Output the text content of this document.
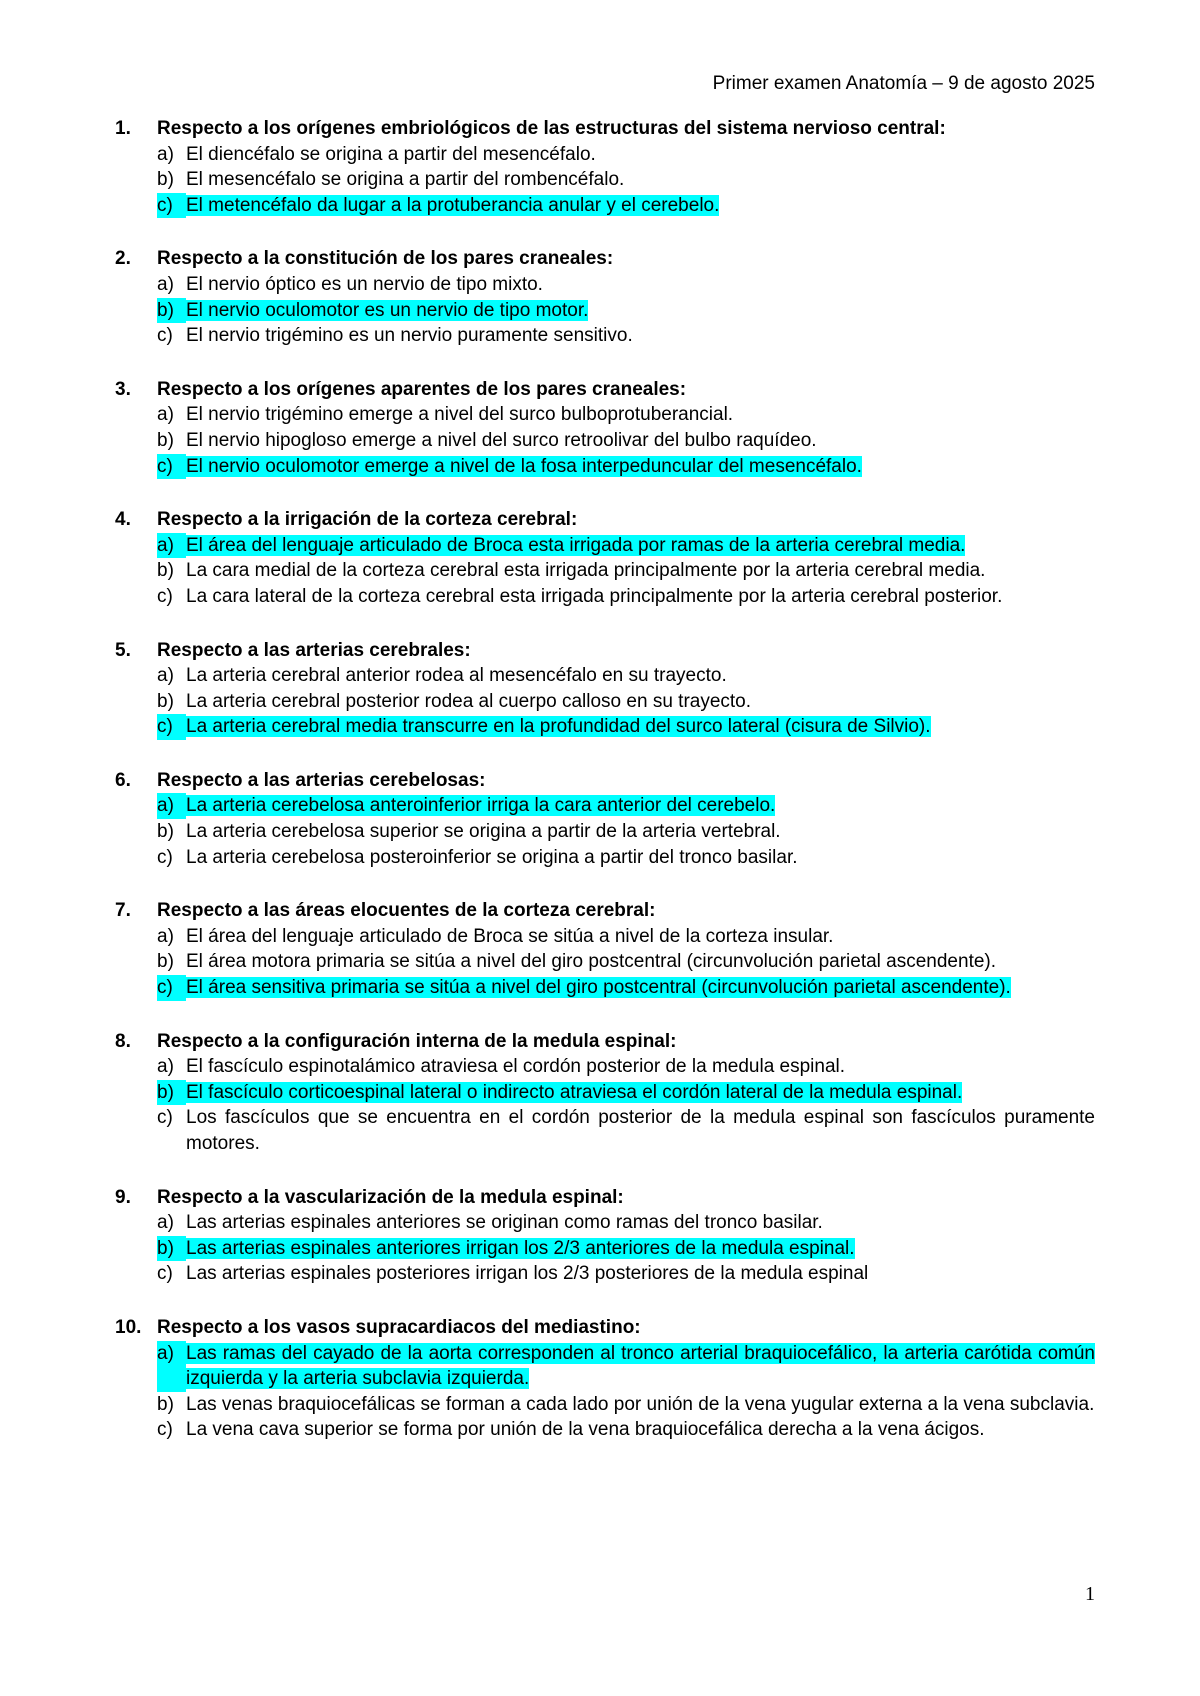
Primer examen Anatomía – 9 de agosto 2025
1.	Respecto a los orígenes embriológicos de las estructuras del sistema nervioso central:
a) El diencéfalo se origina a partir del mesencéfalo.
b) El mesencéfalo se origina a partir del rombencéfalo.
c) El metencéfalo da lugar a la protuberancia anular y el cerebelo.
2.	Respecto a la constitución de los pares craneales:
a) El nervio óptico es un nervio de tipo mixto.
b) El nervio oculomotor es un nervio de tipo motor.
c) El nervio trigémino es un nervio puramente sensitivo.
3.	Respecto a los orígenes aparentes de los pares craneales:
a) El nervio trigémino emerge a nivel del surco bulboprotuberancial.
b) El nervio hipogloso emerge a nivel del surco retroolivar del bulbo raquídeo.
c) El nervio oculomotor emerge a nivel de la fosa interpeduncular del mesencéfalo.
4.	Respecto a la irrigación de la corteza cerebral:
a) El área del lenguaje articulado de Broca esta irrigada por ramas de la arteria cerebral media.
b) La cara medial de la corteza cerebral esta irrigada principalmente por la arteria cerebral media.
c) La cara lateral de la corteza cerebral esta irrigada principalmente por la arteria cerebral posterior.
5.	Respecto a las arterias cerebrales:
a) La arteria cerebral anterior rodea al mesencéfalo en su trayecto.
b) La arteria cerebral posterior rodea al cuerpo calloso en su trayecto.
c) La arteria cerebral media transcurre en la profundidad del surco lateral (cisura de Silvio).
6.	Respecto a las arterias cerebelosas:
a) La arteria cerebelosa anteroinferior irriga la cara anterior del cerebelo.
b) La arteria cerebelosa superior se origina a partir de la arteria vertebral.
c) La arteria cerebelosa posteroinferior se origina a partir del tronco basilar.
7.	Respecto a las áreas elocuentes de la corteza cerebral:
a) El área del lenguaje articulado de Broca se sitúa a nivel de la corteza insular.
b) El área motora primaria se sitúa a nivel del giro postcentral (circunvolución parietal ascendente).
c) El área sensitiva primaria se sitúa a nivel del giro postcentral (circunvolución parietal ascendente).
8.	Respecto a la configuración interna de la medula espinal:
a) El fascículo espinotalámico atraviesa el cordón posterior de la medula espinal.
b) El fascículo corticoespinal lateral o indirecto atraviesa el cordón lateral de la medula espinal.
c) Los fascículos que se encuentra en el cordón posterior de la medula espinal son fascículos puramente motores.
9.	Respecto a la vascularización de la medula espinal:
a) Las arterias espinales anteriores se originan como ramas del tronco basilar.
b) Las arterias espinales anteriores irrigan los 2/3 anteriores de la medula espinal.
c) Las arterias espinales posteriores irrigan los 2/3 posteriores de la medula espinal
10. Respecto a los vasos supracardiacos del mediastino:
a) Las ramas del cayado de la aorta corresponden al tronco arterial braquiocefálico, la arteria carótida común izquierda y la arteria subclavia izquierda.
b) Las venas braquiocefálicas se forman a cada lado por unión de la vena yugular externa a la vena subclavia.
c) La vena cava superior se forma por unión de la vena braquiocefálica derecha a la vena ácigos.
1
